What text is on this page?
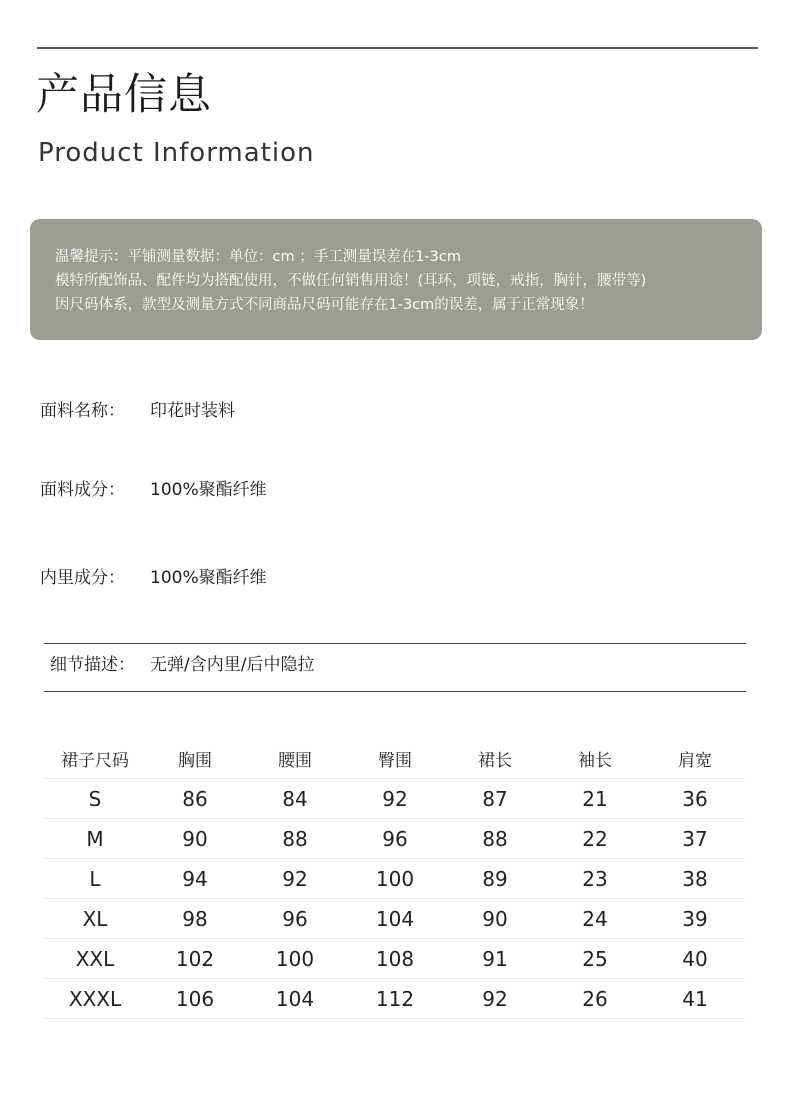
产品信息
Product Information
温馨提示：平铺测量数据：单位：cm ；手工测量误差在1-3cm
模特所配饰品、配件均为搭配使用，不做任何销售用途！(耳环，项链，戒指，胸针，腰带等)
因尺码体系，款型及测量方式不同商品尺码可能存在1-3cm的误差，属于正常现象！
面料名称： 印花时装料
面料成分： 100%聚酯纤维
内里成分： 100%聚酯纤维
细节描述： 无弹/含内里/后中隐拉
裙子尺码	胸围	腰围	臀围	裙长	袖长	肩宽
S	86	84	92	87	21	36
M	90	88	96	88	22	37
L	94	92	100	89	23	38
XL	98	96	104	90	24	39
XXL	102	100	108	91	25	40
XXXL	106	104	112	92	26	41
